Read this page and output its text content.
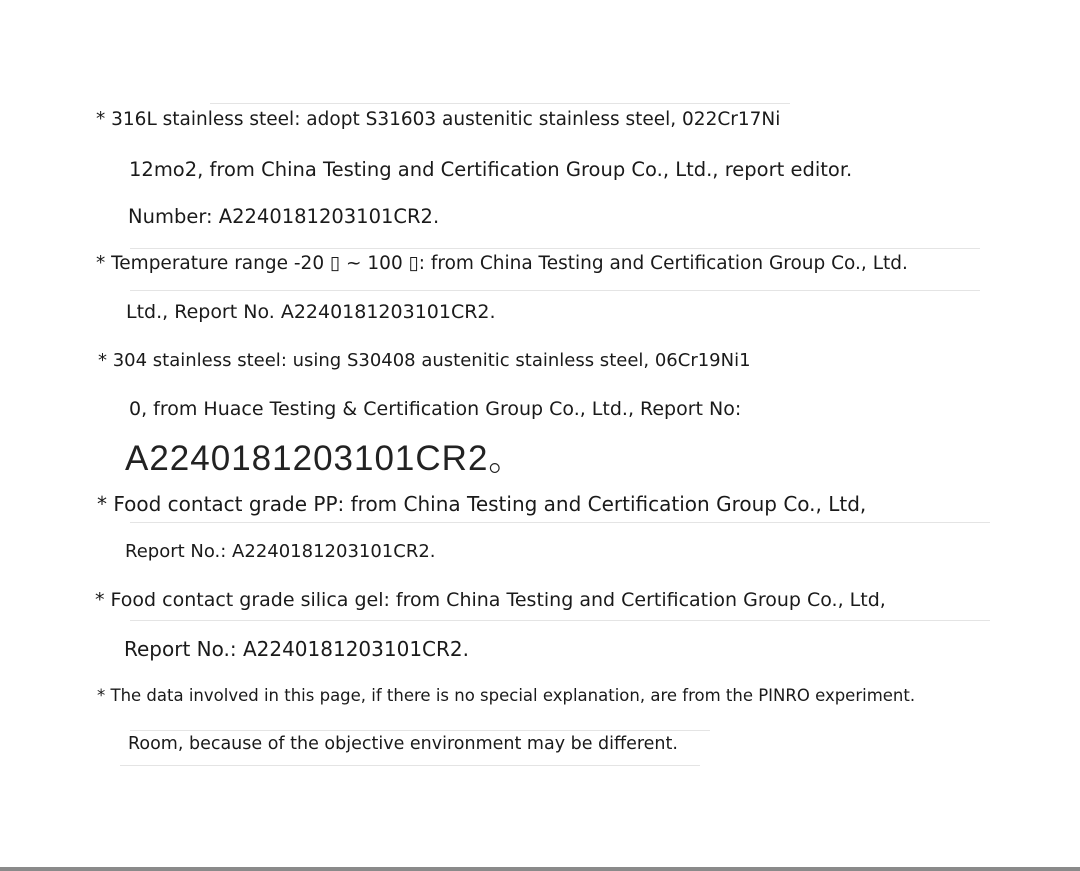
* 316L stainless steel: adopt S31603 austenitic stainless steel, 022Cr17Ni
12mo2, from China Testing and Certification Group Co., Ltd., report editor.
Number: A2240181203101CR2.
* Temperature range -20 ▯ ~ 100 ▯: from China Testing and Certification Group Co., Ltd.
Ltd., Report No. A2240181203101CR2.
* 304 stainless steel: using S30408 austenitic stainless steel, 06Cr19Ni1
0, from Huace Testing & Certification Group Co., Ltd., Report No:
A2240181203101CR2。
* Food contact grade PP: from China Testing and Certification Group Co., Ltd,
Report No.: A2240181203101CR2.
* Food contact grade silica gel: from China Testing and Certification Group Co., Ltd,
Report No.: A2240181203101CR2.
* The data involved in this page, if there is no special explanation, are from the PINRO experiment.
Room, because of the objective environment may be different.
